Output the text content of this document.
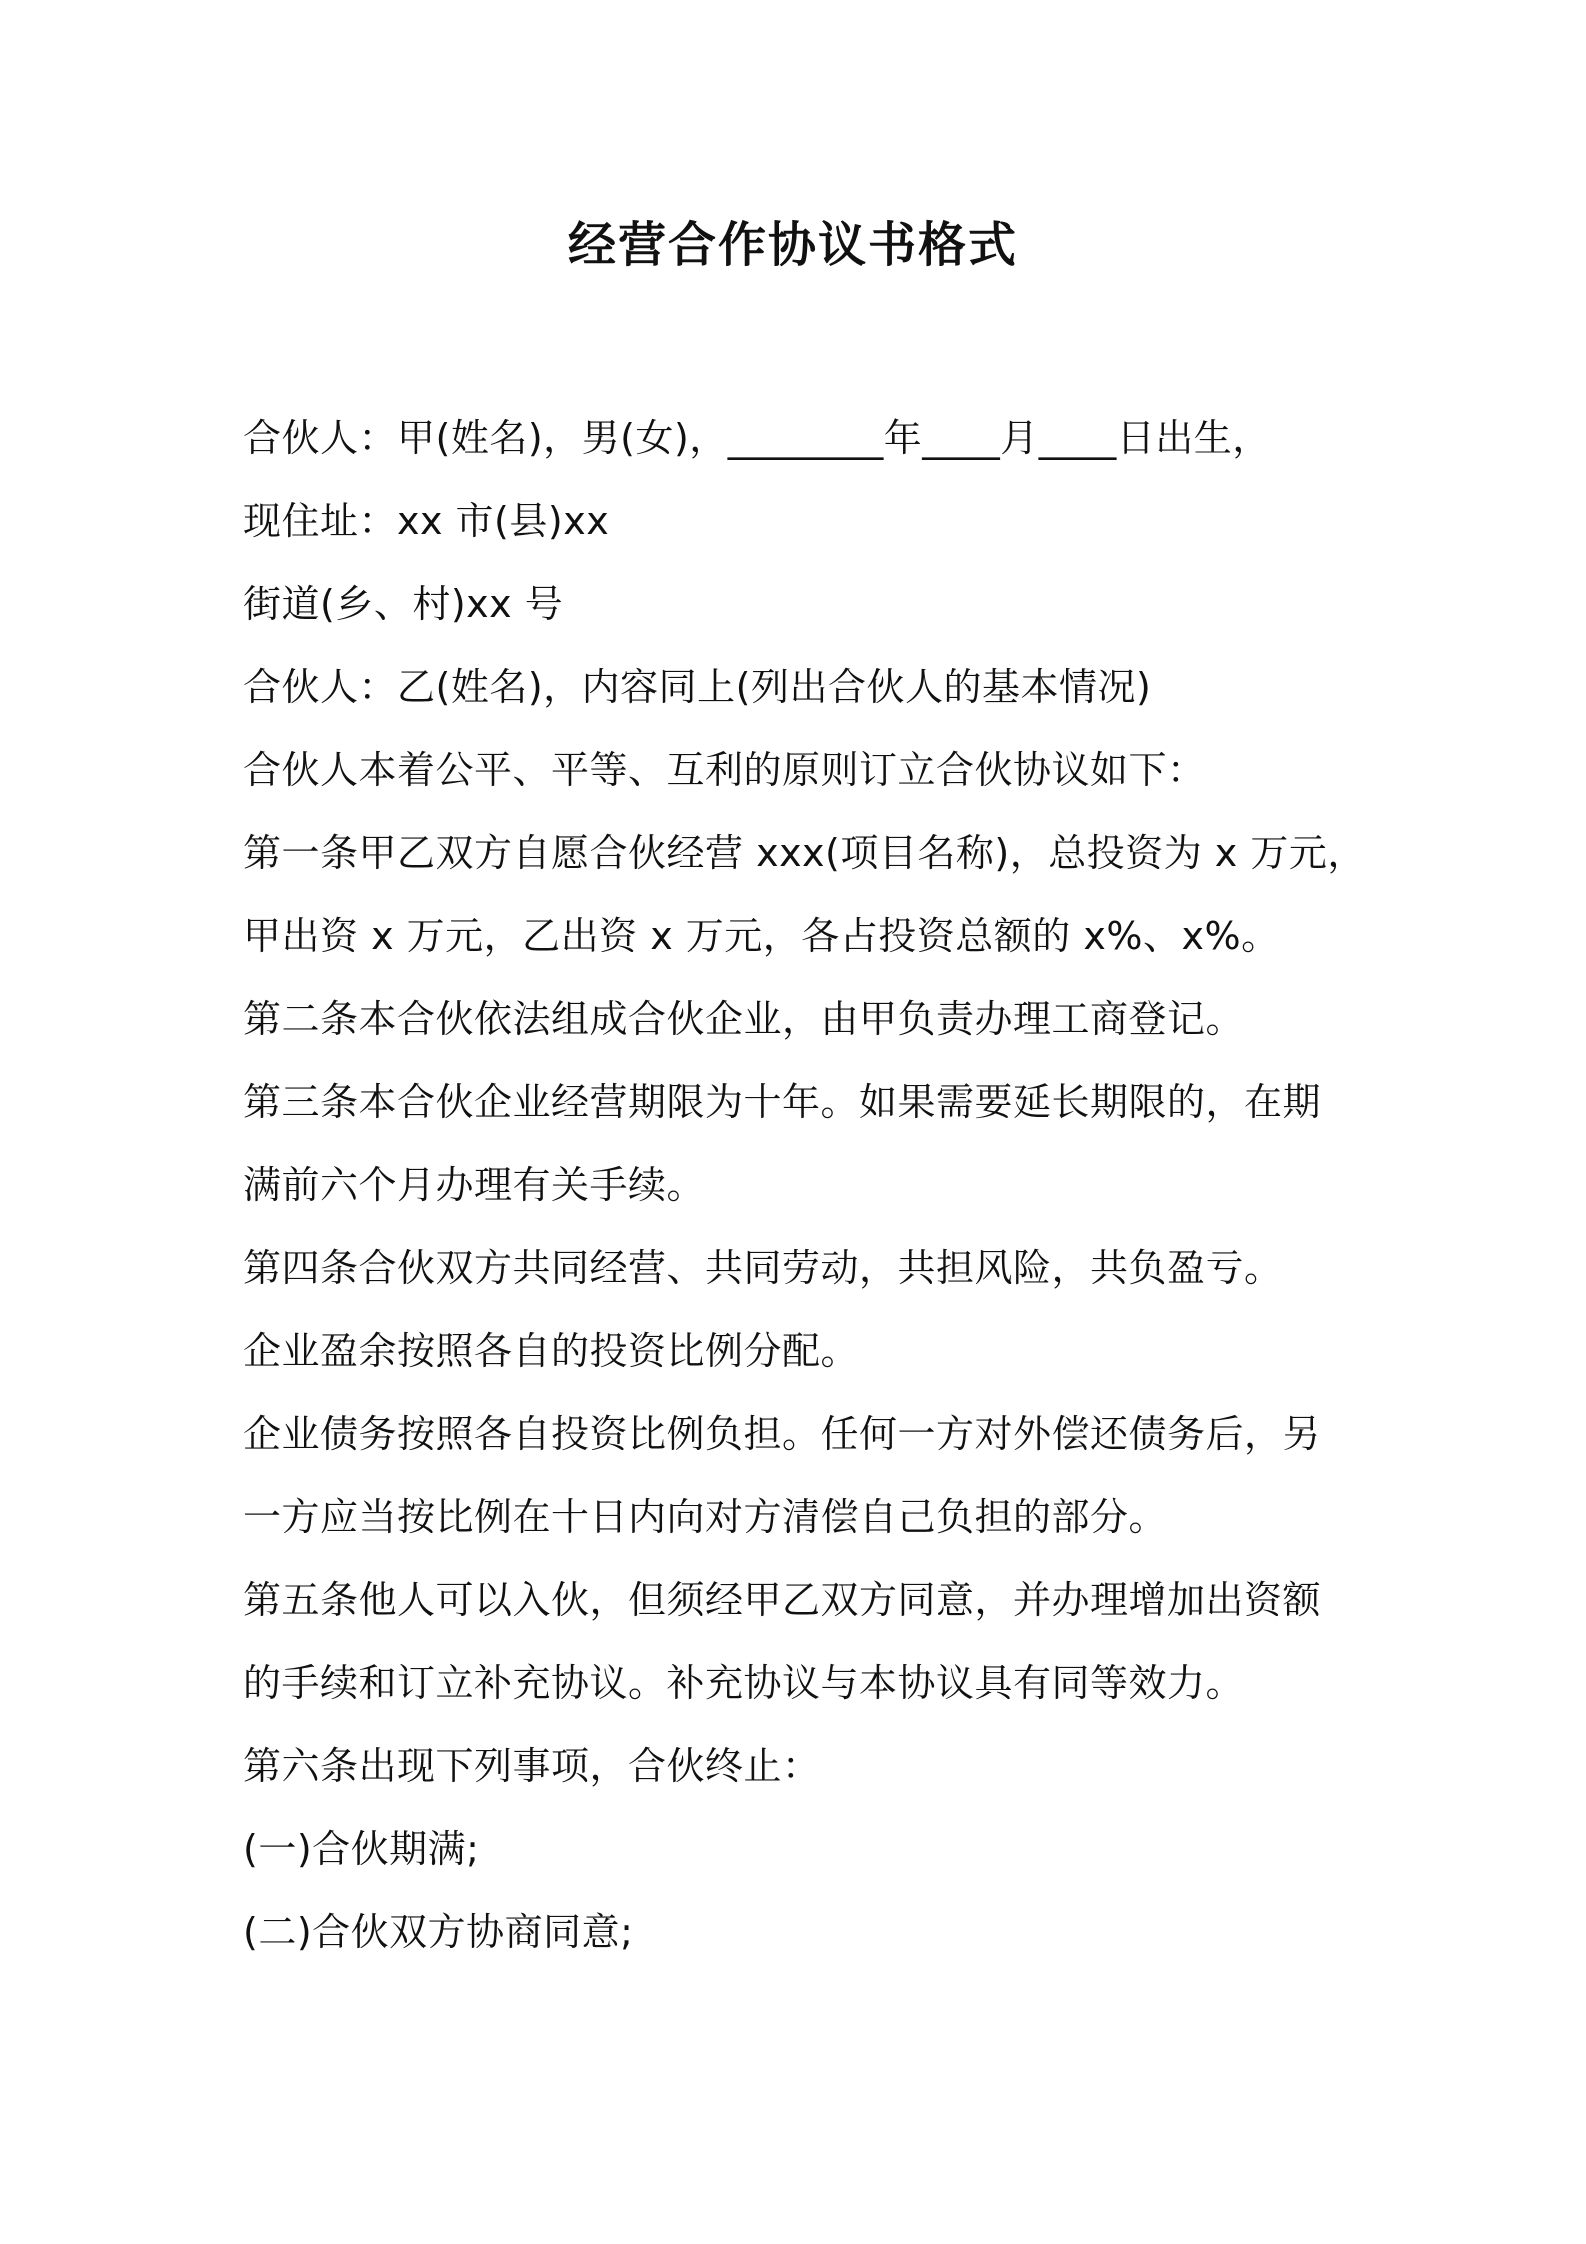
经营合作协议书格式

合伙人：甲(姓名)，男(女)，________年____月____日出生，

现住址：xx 市(县)xx

街道(乡、村)xx 号

合伙人：乙(姓名)，内容同上(列出合伙人的基本情况)

合伙人本着公平、平等、互利的原则订立合伙协议如下：

第一条甲乙双方自愿合伙经营 xxx(项目名称)，总投资为 x 万元，

甲出资 x 万元，乙出资 x 万元，各占投资总额的 x%、x%。

第二条本合伙依法组成合伙企业，由甲负责办理工商登记。

第三条本合伙企业经营期限为十年。如果需要延长期限的，在期

满前六个月办理有关手续。

第四条合伙双方共同经营、共同劳动，共担风险，共负盈亏。

企业盈余按照各自的投资比例分配。

企业债务按照各自投资比例负担。任何一方对外偿还债务后，另

一方应当按比例在十日内向对方清偿自己负担的部分。

第五条他人可以入伙，但须经甲乙双方同意，并办理增加出资额

的手续和订立补充协议。补充协议与本协议具有同等效力。

第六条出现下列事项，合伙终止：

(一)合伙期满;

(二)合伙双方协商同意;
